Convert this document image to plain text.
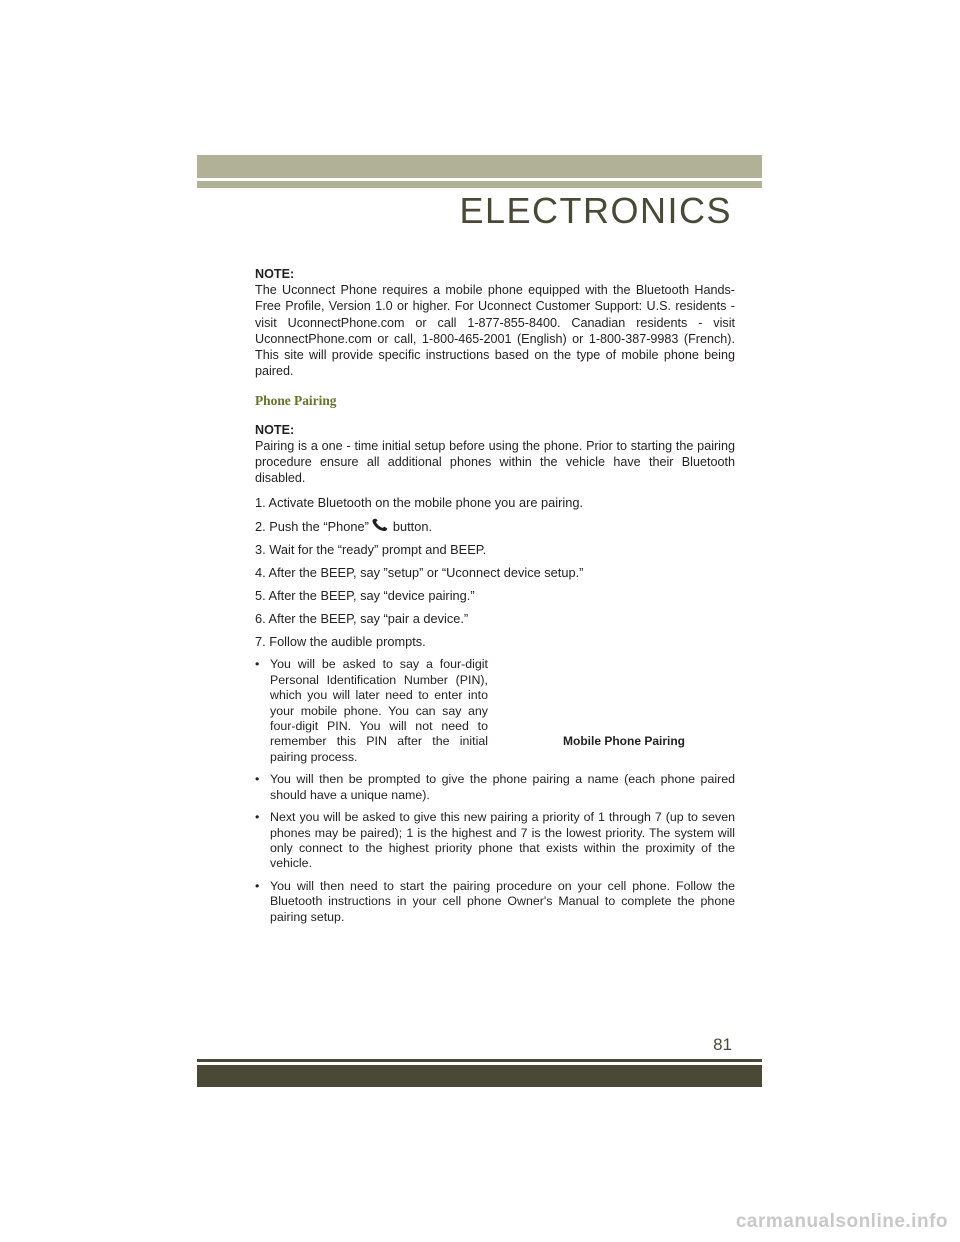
ELECTRONICS
NOTE:

The Uconnect Phone requires a mobile phone equipped with the Bluetooth Hands-Free Profile, Version 1.0 or higher. For Uconnect Customer Support: U.S. residents - visit UconnectPhone.com or call 1-877-855-8400. Canadian residents - visit UconnectPhone.com or call, 1-800-465-2001 (English) or 1-800-387-9983 (French). This site will provide specific instructions based on the type of mobile phone being paired.

Phone Pairing
NOTE:

Pairing is a one - time initial setup before using the phone. Prior to starting the pairing procedure ensure all additional phones within the vehicle have their Bluetooth disabled.

1. Activate Bluetooth on the mobile phone you are pairing.
2. Push the “Phone” button.
3. Wait for the “ready” prompt and BEEP.
4. After the BEEP, say ”setup” or “Uconnect device setup.”
5. After the BEEP, say “device pairing.”
6. After the BEEP, say “pair a device.”
7. Follow the audible prompts.
• You will be asked to say a four-digit Personal Identification Number (PIN), which you will later need to enter into your mobile phone. You can say any four-digit PIN. You will not need to remember this PIN after the initial pairing process.
• You will then be prompted to give the phone pairing a name (each phone paired should have a unique name).
• Next you will be asked to give this new pairing a priority of 1 through 7 (up to seven phones may be paired); 1 is the highest and 7 is the lowest priority. The system will only connect to the highest priority phone that exists within the proximity of the vehicle.
• You will then need to start the pairing procedure on your cell phone. Follow the Bluetooth instructions in your cell phone Owner's Manual to complete the phone pairing setup.
Mobile Phone Pairing
81
carmanualsonline.info
